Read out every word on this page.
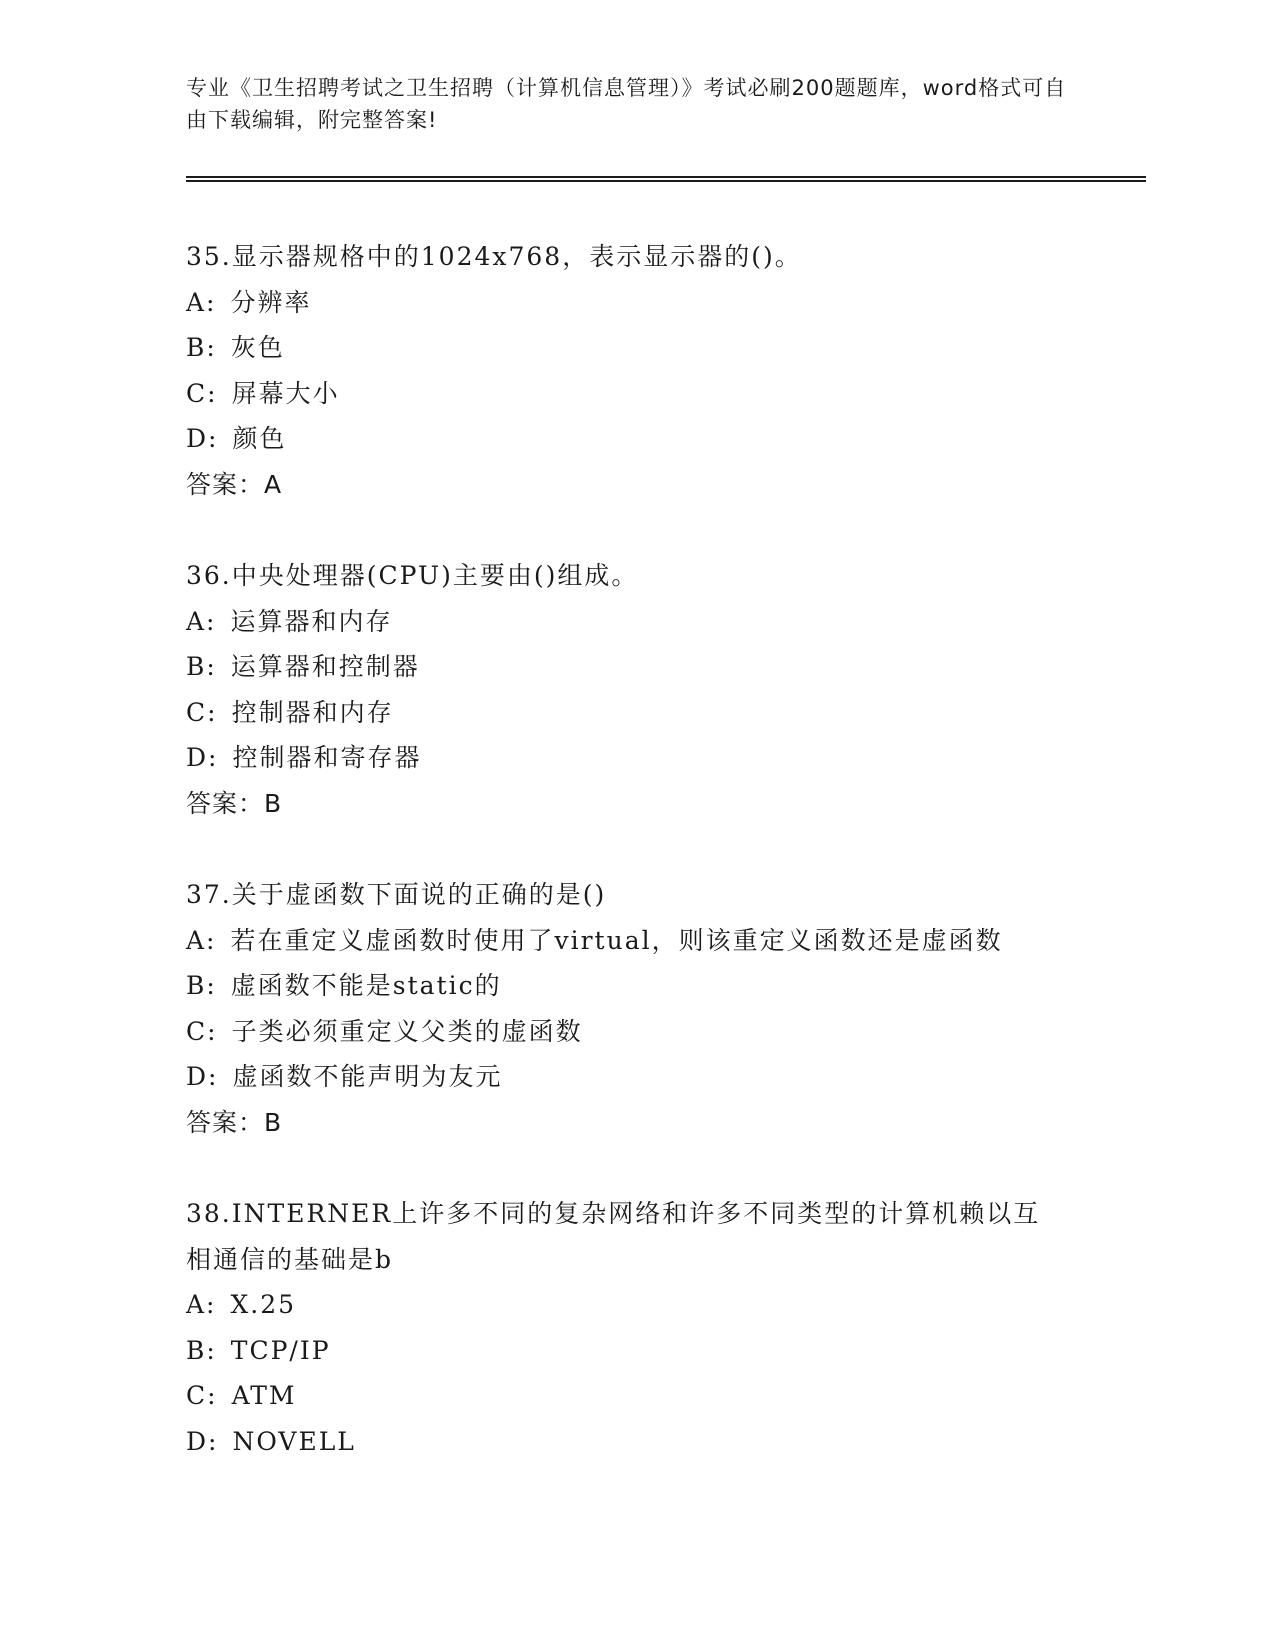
专业《卫生招聘考试之卫生招聘（计算机信息管理）》考试必刷200题题库，word格式可自由下载编辑，附完整答案!
35.显示器规格中的1024x768，表示显示器的()。
A: 分辨率
B: 灰色
C: 屏幕大小
D: 颜色
答案：A
36.中央处理器(CPU)主要由()组成。
A: 运算器和内存
B: 运算器和控制器
C: 控制器和内存
D: 控制器和寄存器
答案：B
37.关于虚函数下面说的正确的是()
A: 若在重定义虚函数时使用了virtual，则该重定义函数还是虚函数
B: 虚函数不能是static的
C: 子类必须重定义父类的虚函数
D: 虚函数不能声明为友元
答案：B
38.INTERNER上许多不同的复杂网络和许多不同类型的计算机赖以互相通信的基础是b
A: X.25
B: TCP/IP
C: ATM
D: NOVELL
